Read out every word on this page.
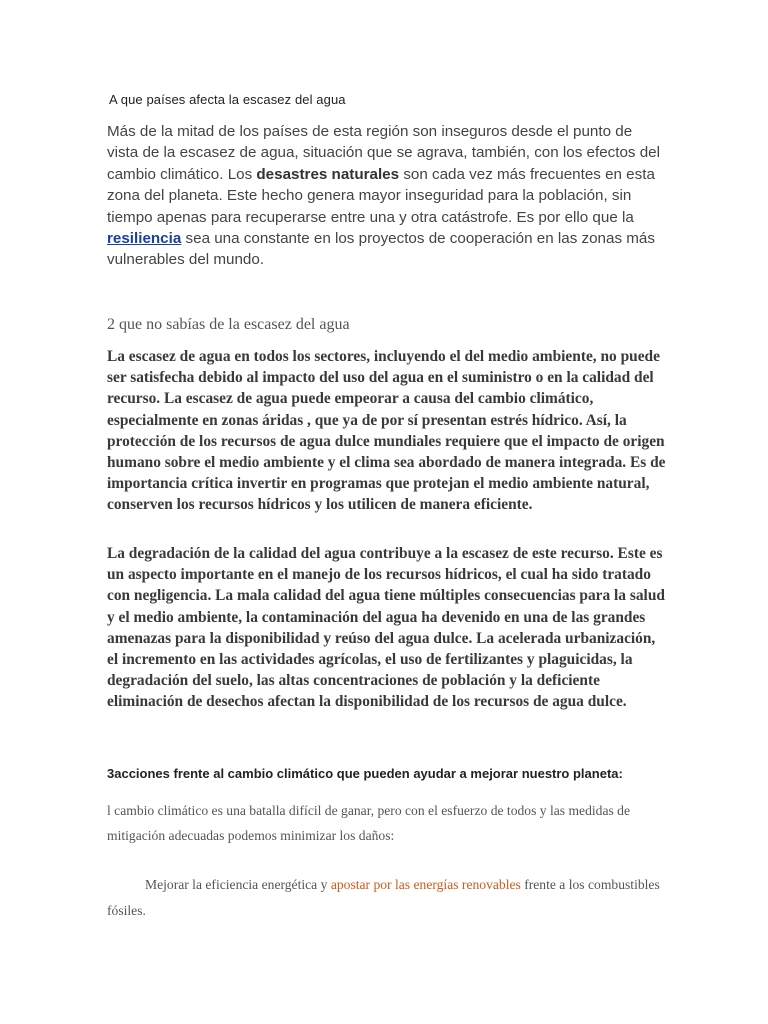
A que países afecta la escasez del agua
Más de la mitad de los países de esta región son inseguros desde el punto de vista de la escasez de agua, situación que se agrava, también, con los efectos del cambio climático. Los desastres naturales son cada vez más frecuentes en esta zona del planeta. Este hecho genera mayor inseguridad para la población, sin tiempo apenas para recuperarse entre una y otra catástrofe. Es por ello que la resiliencia sea una constante en los proyectos de cooperación en las zonas más vulnerables del mundo.
2 que no sabías de la escasez del agua
La escasez de agua en todos los sectores, incluyendo el del medio ambiente, no puede ser satisfecha debido al impacto del uso del agua en el suministro o en la calidad del recurso. La escasez de agua puede empeorar a causa del cambio climático, especialmente en zonas áridas , que ya de por sí presentan estrés hídrico. Así, la protección de los recursos de agua dulce mundiales requiere que el impacto de origen humano sobre el medio ambiente y el clima sea abordado de manera integrada. Es de importancia crítica invertir en programas que protejan el medio ambiente natural, conserven los recursos hídricos y los utilicen de manera eficiente.
La degradación de la calidad del agua contribuye a la escasez de este recurso. Este es un aspecto importante en el manejo de los recursos hídricos, el cual ha sido tratado con negligencia. La mala calidad del agua tiene múltiples consecuencias para la salud y el medio ambiente, la contaminación del agua ha devenido en una de las grandes amenazas para la disponibilidad y reúso del agua dulce. La acelerada urbanización, el incremento en las actividades agrícolas, el uso de fertilizantes y plaguicidas, la degradación del suelo, las altas concentraciones de población y la deficiente eliminación de desechos afectan la disponibilidad de los recursos de agua dulce.
3acciones frente al cambio climático que pueden ayudar a mejorar nuestro planeta:
l cambio climático es una batalla difícil de ganar, pero con el esfuerzo de todos y las medidas de mitigación adecuadas podemos minimizar los daños:
Mejorar la eficiencia energética y apostar por las energías renovables frente a los combustibles fósiles.
